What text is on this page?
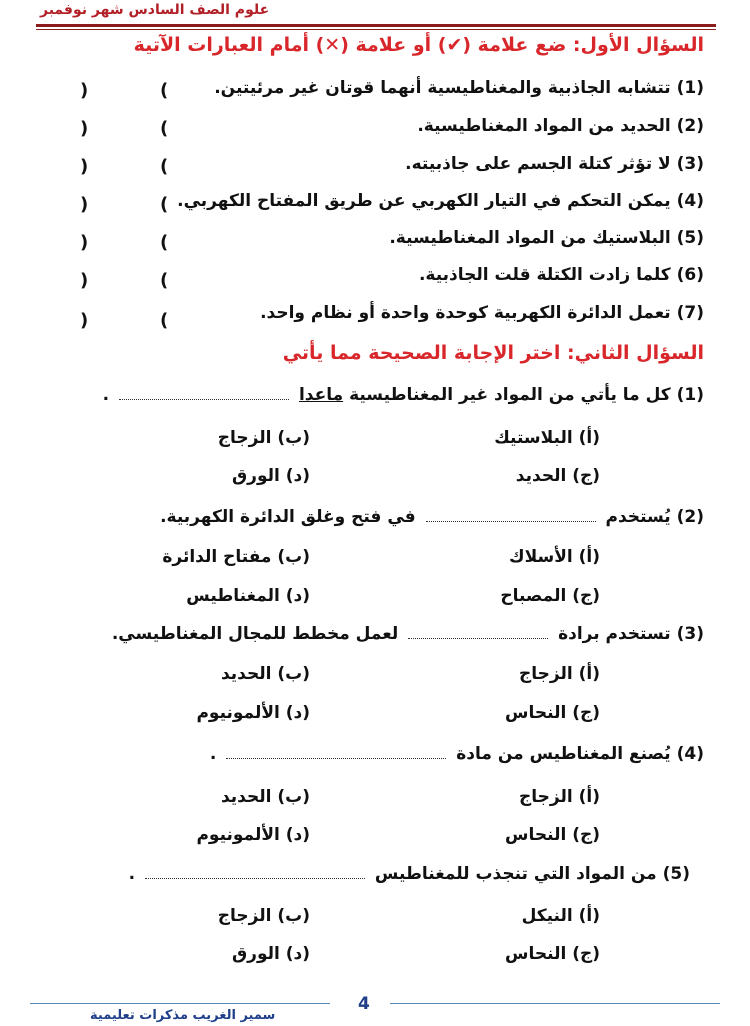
علوم الصف السادس شهر نوفمبر
السؤال الأول: ضع علامة (✔) أو علامة (✕) أمام العبارات الآتية
(1) تتشابه الجاذبية والمغناطيسية أنهما قوتان غير مرئيتين.
(
)
(2) الحديد من المواد المغناطيسية.
(
)
(3) لا تؤثر كتلة الجسم على جاذبيته.
(
)
(4) يمكن التحكم في التيار الكهربي عن طريق المفتاح الكهربي.
(
)
(5) البلاستيك من المواد المغناطيسية.
(
)
(6) كلما زادت الكتلة قلت الجاذبية.
(
)
(7) تعمل الدائرة الكهربية كوحدة واحدة أو نظام واحد.
(
)
السؤال الثاني: اختر الإجابة الصحيحة مما يأتي
(1) كل ما يأتي من المواد غير المغناطيسية ماعدا  .
(أ) البلاستيك
(ب) الزجاج
(ج) الحديد
(د) الورق
(2) يُستخدم  في فتح وغلق الدائرة الكهربية.
(أ) الأسلاك
(ب) مفتاح الدائرة
(ج) المصباح
(د) المغناطيس
(3) تستخدم برادة  لعمل مخطط للمجال المغناطيسي.
(أ) الزجاج
(ب) الحديد
(ج) النحاس
(د) الألمونيوم
(4) يُصنع المغناطيس من مادة  .
(أ) الزجاج
(ب) الحديد
(ج) النحاس
(د) الألمونيوم
(5) من المواد التي تنجذب للمغناطيس  .
(أ) النيكل
(ب) الزجاج
(ج) النحاس
(د) الورق
4
سمير الغريب مذكرات تعليمية
